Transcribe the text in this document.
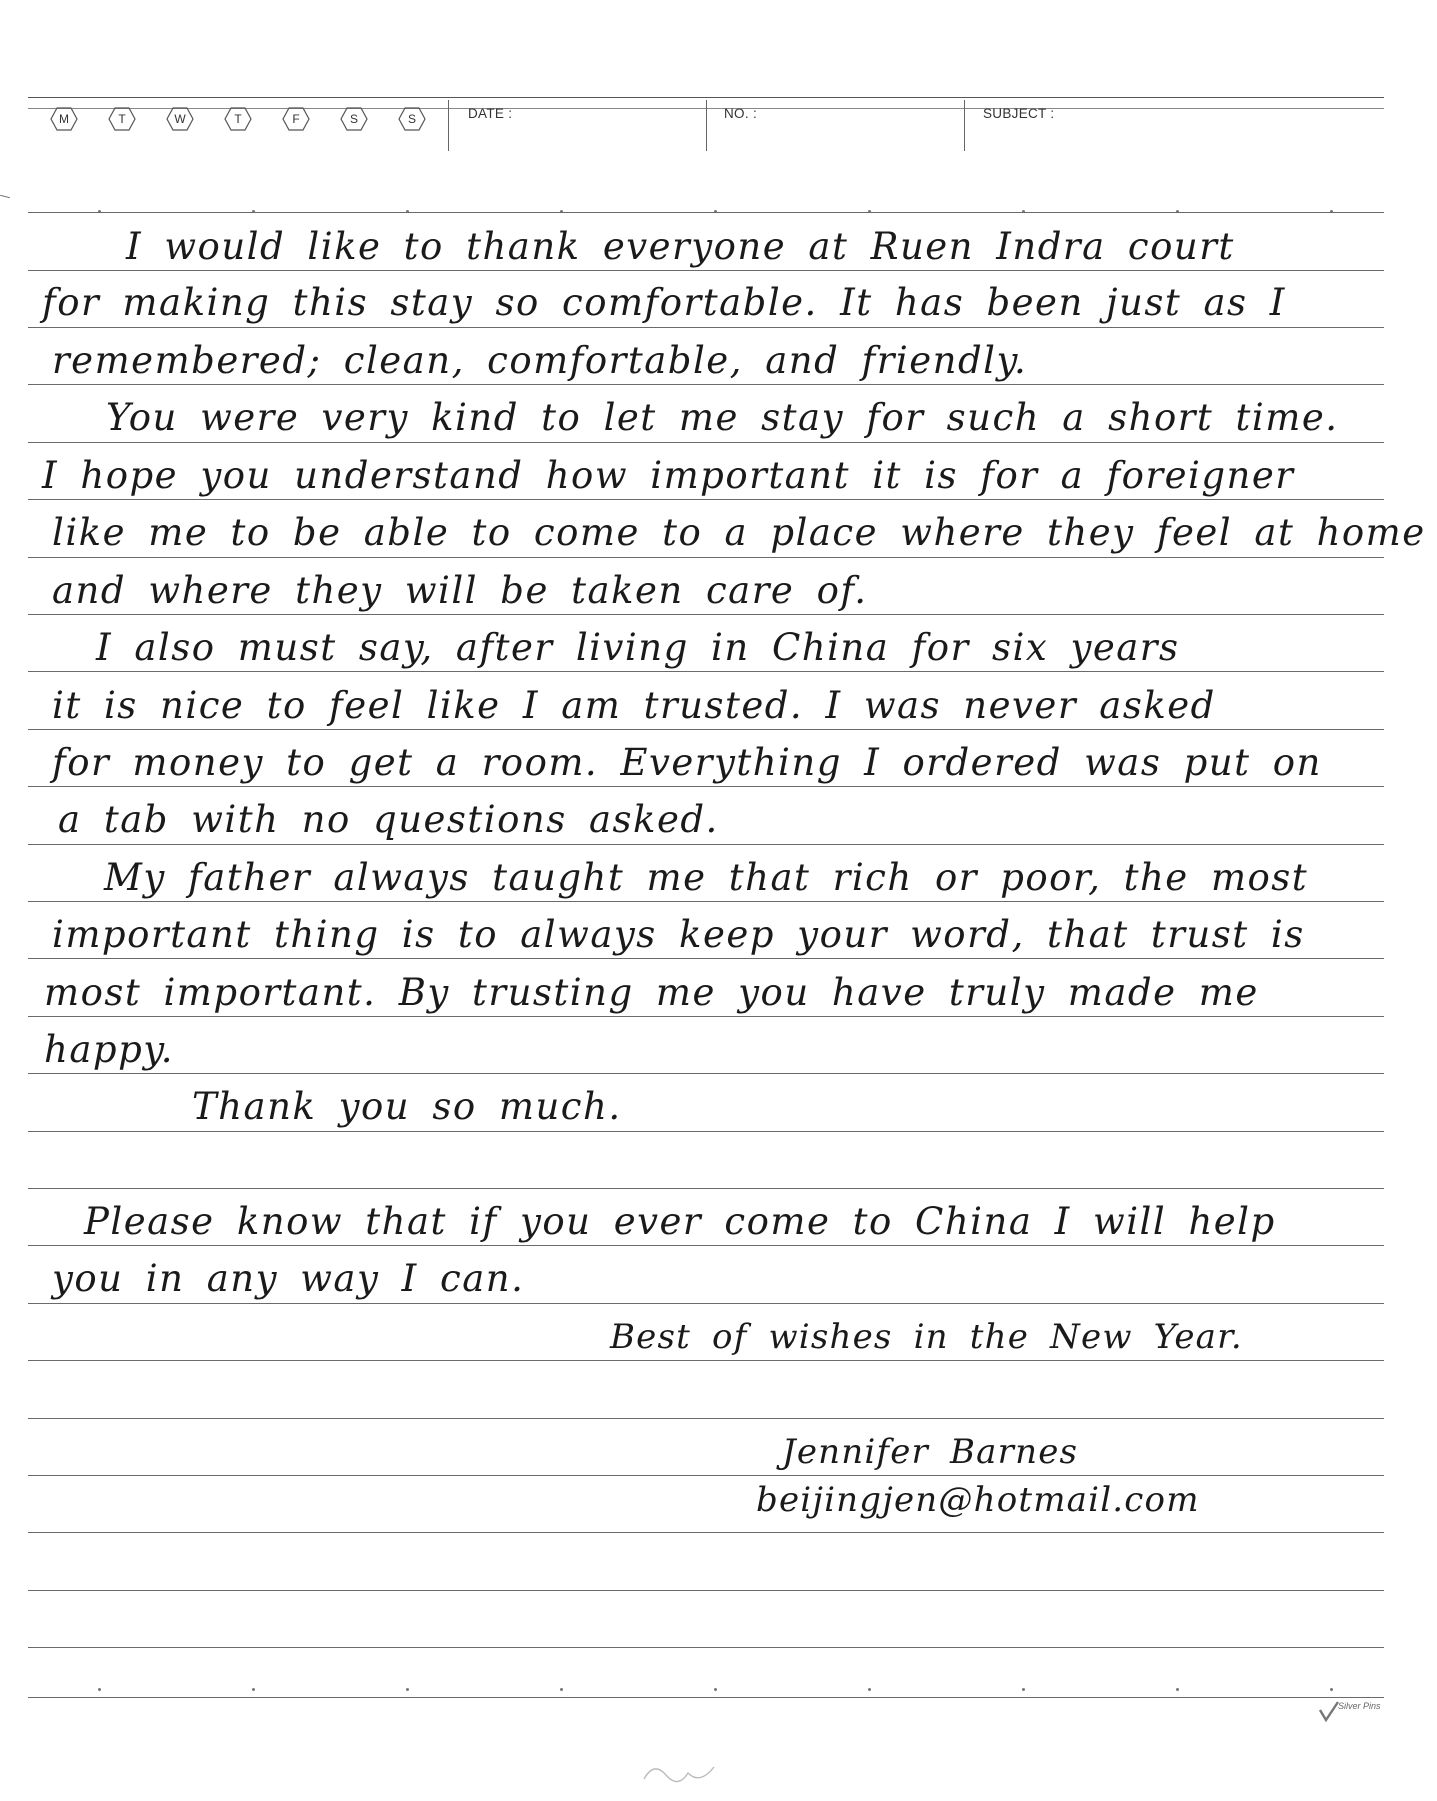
M	T	W	T	F	S	S	DATE :	NO. :	SUBJECT :
I would like to thank everyone at Ruen Indra court
for making this stay so comfortable. It has been just as I
remembered; clean, comfortable, and friendly.
You were very kind to let me stay for such a short time.
I hope you understand how important it is for a foreigner
like me to be able to come to a place where they feel at home
and where they will be taken care of.
I also must say, after living in China for six years
it is nice to feel like I am trusted. I was never asked
for money to get a room. Everything I ordered was put on
a tab with no questions asked.
My father always taught me that rich or poor, the most
important thing is to always keep your word, that trust is
most important. By trusting me you have truly made me
happy.
Thank you so much.
Please know that if you ever come to China I will help
you in any way I can.
Best of wishes in the New Year.
Jennifer Barnes
beijingjen@hotmail.com
Silver Pins
